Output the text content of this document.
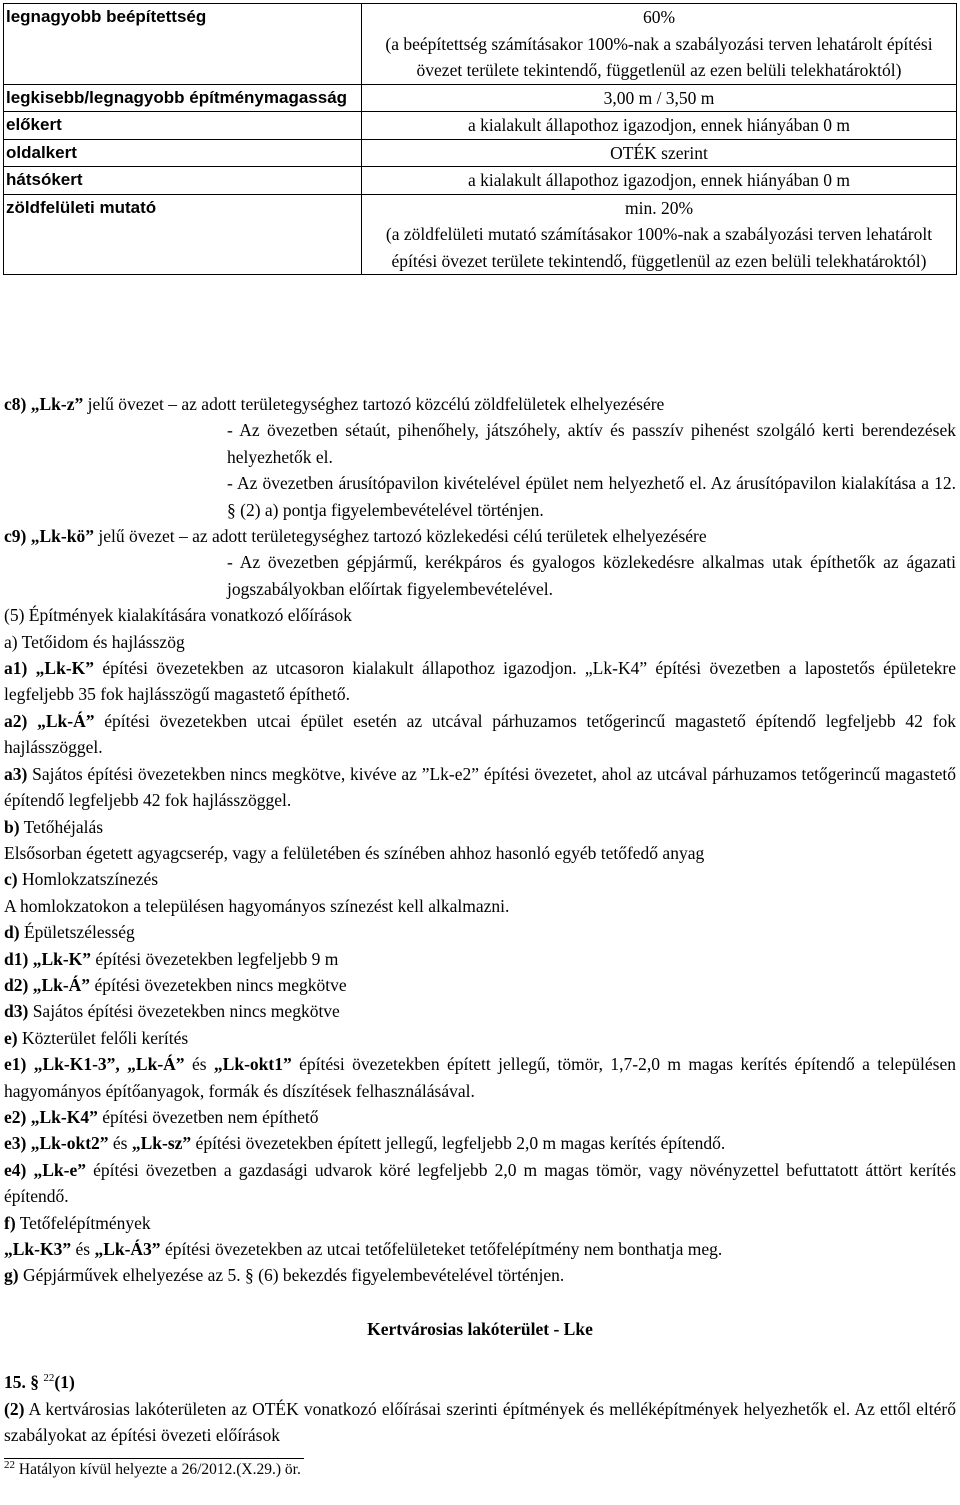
legnagyobb beépítettség	60%
(a beépítettség számításakor 100%-nak a szabályozási terven lehatárolt építési övezet területe tekintendő, függetlenül az ezen belüli telekhatároktól)

legkisebb/legnagyobb építménymagasság	3,00 m / 3,50 m
előkert	a kialakult állapothoz igazodjon, ennek hiányában 0 m
oldalkert	OTÉK szerint
hátsókert	a kialakult állapothoz igazodjon, ennek hiányában 0 m
zöldfelületi mutató	min. 20%
(a zöldfelületi mutató számításakor 100%-nak a szabályozási terven lehatárolt építési övezet területe tekintendő, függetlenül az ezen belüli telekhatároktól)

c8) „Lk-z” jelű övezet – az adott területegységhez tartozó közcélú zöldfelületek elhelyezésére

- Az övezetben sétaút, pihenőhely, játszóhely, aktív és passzív pihenést szolgáló kerti berendezések helyezhetők el.

- Az övezetben árusítópavilon kivételével épület nem helyezhető el. Az árusítópavilon kialakítása a 12. § (2) a) pontja figyelembevételével történjen.

c9) „Lk-kö” jelű övezet – az adott területegységhez tartozó közlekedési célú területek elhelyezésére

- Az övezetben gépjármű, kerékpáros és gyalogos közlekedésre alkalmas utak építhetők az ágazati jogszabályokban előírtak figyelembevételével.

(5) Építmények kialakítására vonatkozó előírások

a) Tetőidom és hajlásszög

a1) „Lk-K” építési övezetekben az utcasoron kialakult állapothoz igazodjon. „Lk-K4” építési övezetben a lapostetős épületekre legfeljebb 35 fok hajlásszögű magastető építhető.

a2) „Lk-Á” építési övezetekben utcai épület esetén az utcával párhuzamos tetőgerincű magastető építendő legfeljebb 42 fok hajlásszöggel.

a3) Sajátos építési övezetekben nincs megkötve, kivéve az ”Lk-e2” építési övezetet, ahol az utcával párhuzamos tetőgerincű magastető építendő legfeljebb 42 fok hajlásszöggel.

b) Tetőhéjalás

Elsősorban égetett agyagcserép, vagy a felületében és színében ahhoz hasonló egyéb tetőfedő anyag

c) Homlokzatszínezés

A homlokzatokon a településen hagyományos színezést kell alkalmazni.

d) Épületszélesség

d1) „Lk-K” építési övezetekben legfeljebb 9 m

d2) „Lk-Á” építési övezetekben nincs megkötve

d3) Sajátos építési övezetekben nincs megkötve

e) Közterület felőli kerítés

e1) „Lk-K1-3”, „Lk-Á” és „Lk-okt1” építési övezetekben épített jellegű, tömör, 1,7-2,0 m magas kerítés építendő a településen hagyományos építőanyagok, formák és díszítések felhasználásával.

e2) „Lk-K4” építési övezetben nem építhető

e3) „Lk-okt2” és „Lk-sz” építési övezetekben épített jellegű, legfeljebb 2,0 m magas kerítés építendő.

e4) „Lk-e” építési övezetben a gazdasági udvarok köré legfeljebb 2,0 m magas tömör, vagy növényzettel befuttatott áttört kerítés építendő.

f) Tetőfelépítmények

„Lk-K3” és „Lk-Á3” építési övezetekben az utcai tetőfelületeket tetőfelépítmény nem bonthatja meg.

g) Gépjárművek elhelyezése az 5. § (6) bekezdés figyelembevételével történjen.

Kertvárosias lakóterület - Lke

15. § $^{22}$(1)

(2) A kertvárosias lakóterületen az OTÉK vonatkozó előírásai szerinti építmények és melléképítmények helyezhetők el. Az ettől eltérő szabályokat az építési övezeti előírások

$^{22}$ Hatályon kívül helyezte a 26/2012.(X.29.) ör.
